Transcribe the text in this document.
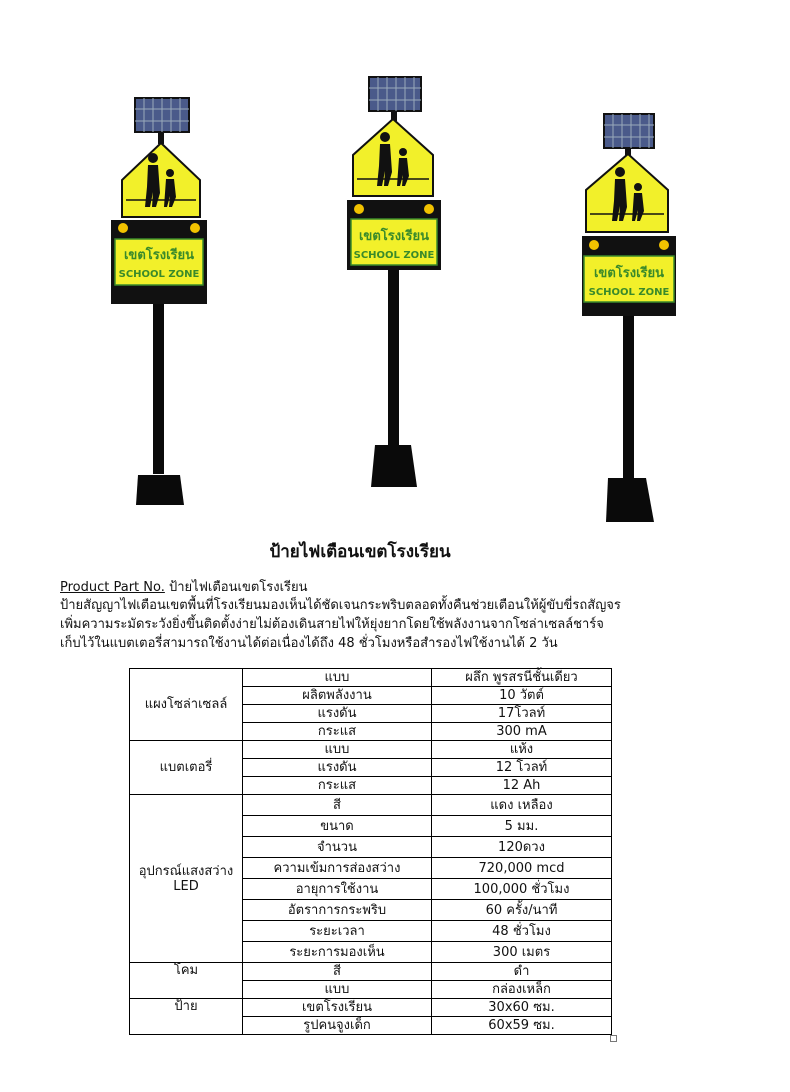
เขตโรงเรียน
SCHOOL ZONE
เขตโรงเรียน
SCHOOL ZONE
เขตโรงเรียน
SCHOOL ZONE
ป้ายไฟเตือนเขตโรงเรียน
Product Part No. ป้ายไฟเตือนเขตโรงเรียน
ป้ายสัญญาไฟเตือนเขตพื้นที่โรงเรียนมองเห็นได้ชัดเจนกระพริบตลอดทั้งคืนช่วยเตือนให้ผู้ขับขี่รถสัญจร
เพิ่มความระมัดระวังยิ่งขึ้นติดตั้งง่ายไม่ต้องเดินสายไฟให้ยุ่งยากโดยใช้พลังงานจากโซล่าเซลล์ชาร์จ
เก็บไว้ในแบตเตอรี่สามารถใช้งานได้ต่อเนื่องได้ถึง 48 ชั่วโมงหรือสำรองไฟใช้งานได้ 2 วัน
แผงโซล่าเซลล์	แบบ	ผลึก พูรสรนีชั้นเดียว
	ผลิตพลังงาน	10 วัตต์
	แรงดัน	17โวลท์
	กระแส	300 mA
แบตเตอรี่	แบบ	แห้ง
	แรงดัน	12 โวลท์
	กระแส	12 Ah

อุปกรณ์แสงสว่าง
LED	สี	แดง เหลือง
	ขนาด	5 มม.
	จำนวน	120ดวง
	ความเข้มการส่องสว่าง	720,000 mcd
	อายุการใช้งาน	100,000 ชั่วโมง
	อัตราการกระพริบ	60 ครั้ง/นาที
	ระยะเวลา	48 ชั่วโมง
	ระยะการมองเห็น	300 เมตร
โคม	สี	ดำ
	แบบ	กล่องเหล็ก
ป้าย	เขตโรงเรียน	30x60 ซม.
	รูปคนจูงเด็ก	60x59 ซม.
